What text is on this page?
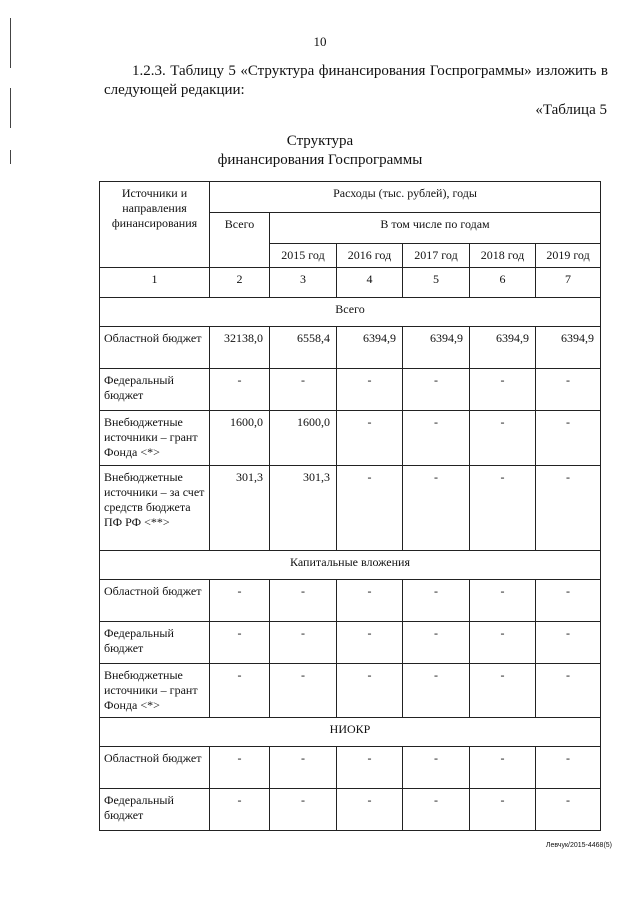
10
1.2.3. Таблицу 5 «Структура финансирования Госпрограммы» изложить в следующей редакции:
«Таблица 5
Структура
финансирования Госпрограммы
Источники и направления финансирования	Расходы (тыс. рублей), годы					
	Всего	В том числе по годам				
		2015 год	2016 год	2017 год	2018 год	2019 год
1	2	3	4	5	6	7
Всего						
Областной бюджет	32138,0	6558,4	6394,9	6394,9	6394,9	6394,9
Федеральный бюджет	-	-	-	-	-	-
Внебюджетные источники – грант Фонда <*>	1600,0	1600,0	-	-	-	-
Внебюджетные источники – за счет средств бюджета ПФ РФ <**>	301,3	301,3	-	-	-	-
Капитальные вложения						
Областной бюджет	-	-	-	-	-	-
Федеральный бюджет	-	-	-	-	-	-
Внебюджетные источники – грант Фонда <*>	-	-	-	-	-	-
НИОКР						
Областной бюджет	-	-	-	-	-	-
Федеральный бюджет	-	-	-	-	-	-
Левчук/2015-4468(5)
